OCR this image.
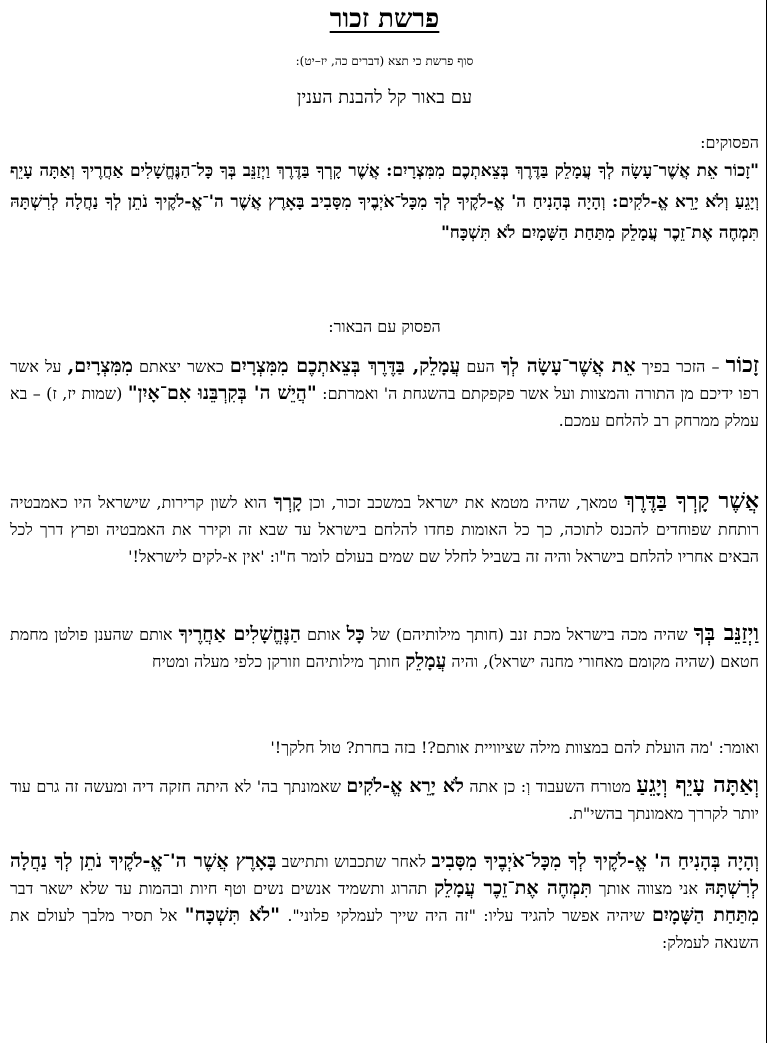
פרשת זכור
סוף פרשת כי תצא (דברים כה, יז–יט):
עם באור קל להבנת הענין
הפסוקים:
"זָכוֹר אֵת אֲשֶׁר־עָשָׂה לְךָ עֲמָלֵק בַּדֶּרֶךְ בְּצֵאתְכֶם מִמִּצְרָיִם: אֲשֶׁר קָרְךָ בַּדֶּרֶךְ וַיְזַנֵּב בְּךָ כָּל־הַנֶּחֱשָׁלִים אַחֲרֶיךָ וְאַתָּה עָיֵף וְיָגֵעַ וְלֹא יָרֵא אֱ-לֹקִים: וְהָיָה בְּהָנִיחַ ה' אֱ-לֹקֶיךָ לְךָ מִכָּל־אֹיְבֶיךָ מִסָּבִיב בָּאָרֶץ אֲשֶׁר ה'־אֱ-לֹקֶיךָ נֹתֵן לְךָ נַחֲלָה לְרִשְׁתָּהּ תִּמְחֶה אֶת־זֵכֶר עֲמָלֵק מִתַּחַת הַשָּׁמָיִם לֹא תִּשְׁכָּח"
הפסוק עם הבאור:
זָכוֹר – הזכר בפיך אֵת אֲשֶׁר־עָשָׂה לְךָ העם עֲמָלֵק, בַּדֶּרֶךְ בְּצֵאתְכֶם מִמִּצְרָיִם כאשר יצאתם מִמִּצְרָיִם, על אשר רפו ידיכם מן התורה והמצוות ועל אשר פקפקתם בהשגחת ה' ואמרתם: "הֲיֵשׁ ה' בְּקִרְבֵּנוּ אִם־אָיִן" (שמות יז, ז) – בא עמלק ממרחק רב להלחם עמכם.
אֲשֶׁר קָרְךָ בַּדֶּרֶךְ טמאך, שהיה מטמא את ישראל במשכב זכור, וכן קָרְךָ הוא לשון קרירות, שישראל היו כאמבטיה רותחת שפוחדים להכנס לתוכה, כך כל האומות פחדו להלחם בישראל עד שבא זה וקירר את האמבטיה ופרץ דרך לכל הבאים אחריו להלחם בישראל והיה זה בשביל לחלל שם שמים בעולם לומר ח"ו: 'אין א-לקים לישראל!'
וַיְזַנֵּב בְּךָ שהיה מכה בישראל מכת זנב (חותך מילותיהם) של כָּל אותם הַנֶּחֱשָׁלִים אַחֲרֶיךָ אותם שהענן פולטן מחמת חטאם (שהיה מקומם מאחורי מחנה ישראל), והיה עֲמָלֵק חותך מילותיהם וזורקן כלפי מעלה ומטיח
ואומר: 'מה הועלת להם במצוות מילה שציוויית אותם?! בזה בחרת? טול חלקך!'
וְאַתָּה עָיֵף וְיָגֵעַ מטורח השעבוד וְ: כן אתה לֹא יָרֵא אֱ-לֹקִים שאמונתך בה' לא היתה חזקה דיה ומעשה זה גרם עוד יותר לקררך מאמונתך בהשי"ת.
וְהָיָה בְּהָנִיחַ ה' אֱ-לֹקֶיךָ לְךָ מִכָּל־אֹיְבֶיךָ מִסָּבִיב לאחר שתכבוש ותתישב בָּאָרֶץ אֲשֶׁר ה'־אֱ-לֹקֶיךָ נֹתֵן לְךָ נַחֲלָה לְרִשְׁתָּהּ אני מצווה אותך תִּמְחֶה אֶת־זֵכֶר עֲמָלֵק תהרוג ותשמיד אנשים נשים וטף חיות ובהמות עד שלא ישאר דבר מִתַּחַת הַשָּׁמָיִם שיהיה אפשר להגיד עליו: "זה היה שייך לעמלקי פלוני". "לֹא תִּשְׁכָּח" אל תסיר מלבך לעולם את השנאה לעמלק:
